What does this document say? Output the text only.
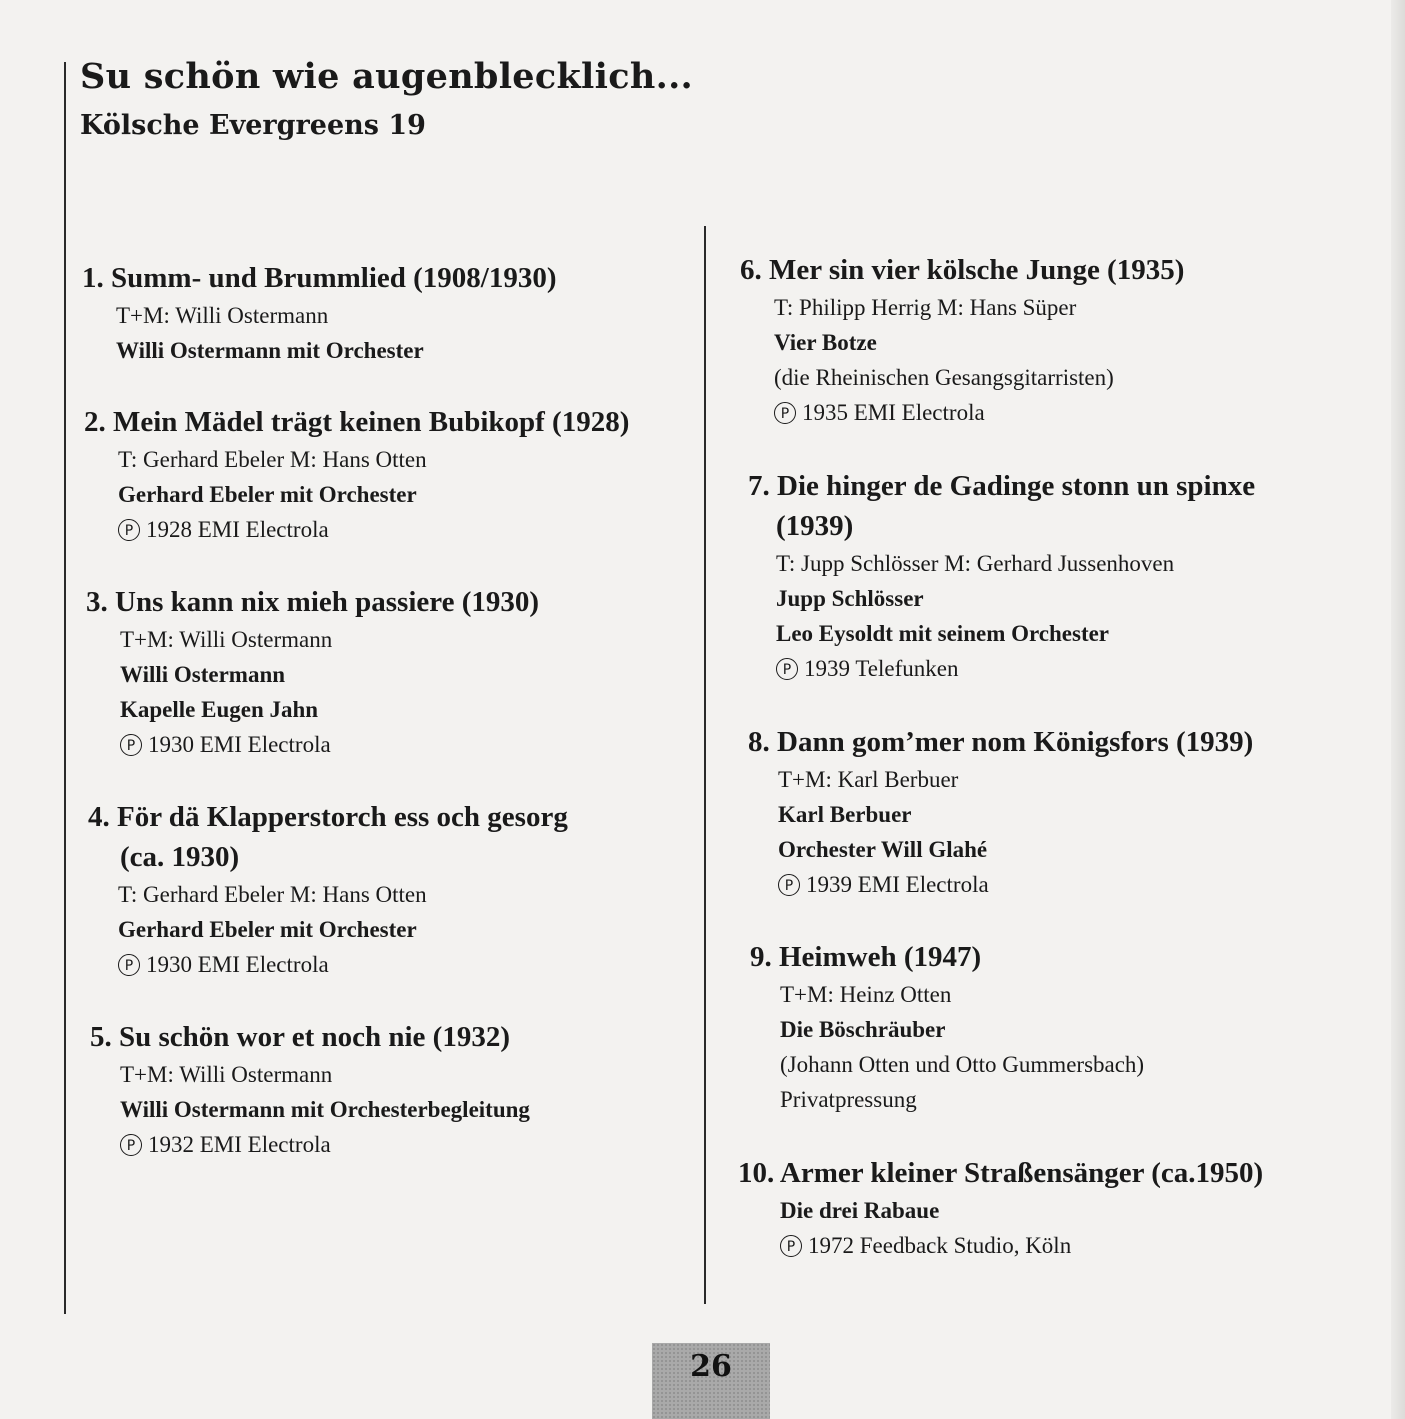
Su schön wie augenblecklich...
Kölsche Evergreens 19
1. Summ- und Brummlied (1908/1930)
T+M: Willi Ostermann
Willi Ostermann mit Orchester
2. Mein Mädel trägt keinen Bubikopf (1928)
T: Gerhard Ebeler M: Hans Otten
Gerhard Ebeler mit Orchester
P 1928 EMI Electrola
3. Uns kann nix mieh passiere (1930)
T+M: Willi Ostermann
Willi Ostermann
Kapelle Eugen Jahn
P 1930 EMI Electrola
4. För dä Klapperstorch ess och gesorg
(ca. 1930)
T: Gerhard Ebeler M: Hans Otten
Gerhard Ebeler mit Orchester
P 1930 EMI Electrola
5. Su schön wor et noch nie (1932)
T+M: Willi Ostermann
Willi Ostermann mit Orchesterbegleitung
P 1932 EMI Electrola
6. Mer sin vier kölsche Junge (1935)
T: Philipp Herrig M: Hans Süper
Vier Botze
(die Rheinischen Gesangsgitarristen)
P 1935 EMI Electrola
7. Die hinger de Gadinge stonn un spinxe
(1939)
T: Jupp Schlösser M: Gerhard Jussenhoven
Jupp Schlösser
Leo Eysoldt mit seinem Orchester
P 1939 Telefunken
8. Dann gom’mer nom Königsfors (1939)
T+M: Karl Berbuer
Karl Berbuer
Orchester Will Glahé
P 1939 EMI Electrola
9. Heimweh (1947)
T+M: Heinz Otten
Die Böschräuber
(Johann Otten und Otto Gummersbach)
Privatpressung
10. Armer kleiner Straßensänger (ca.1950)
Die drei Rabaue
P 1972 Feedback Studio, Köln
26
